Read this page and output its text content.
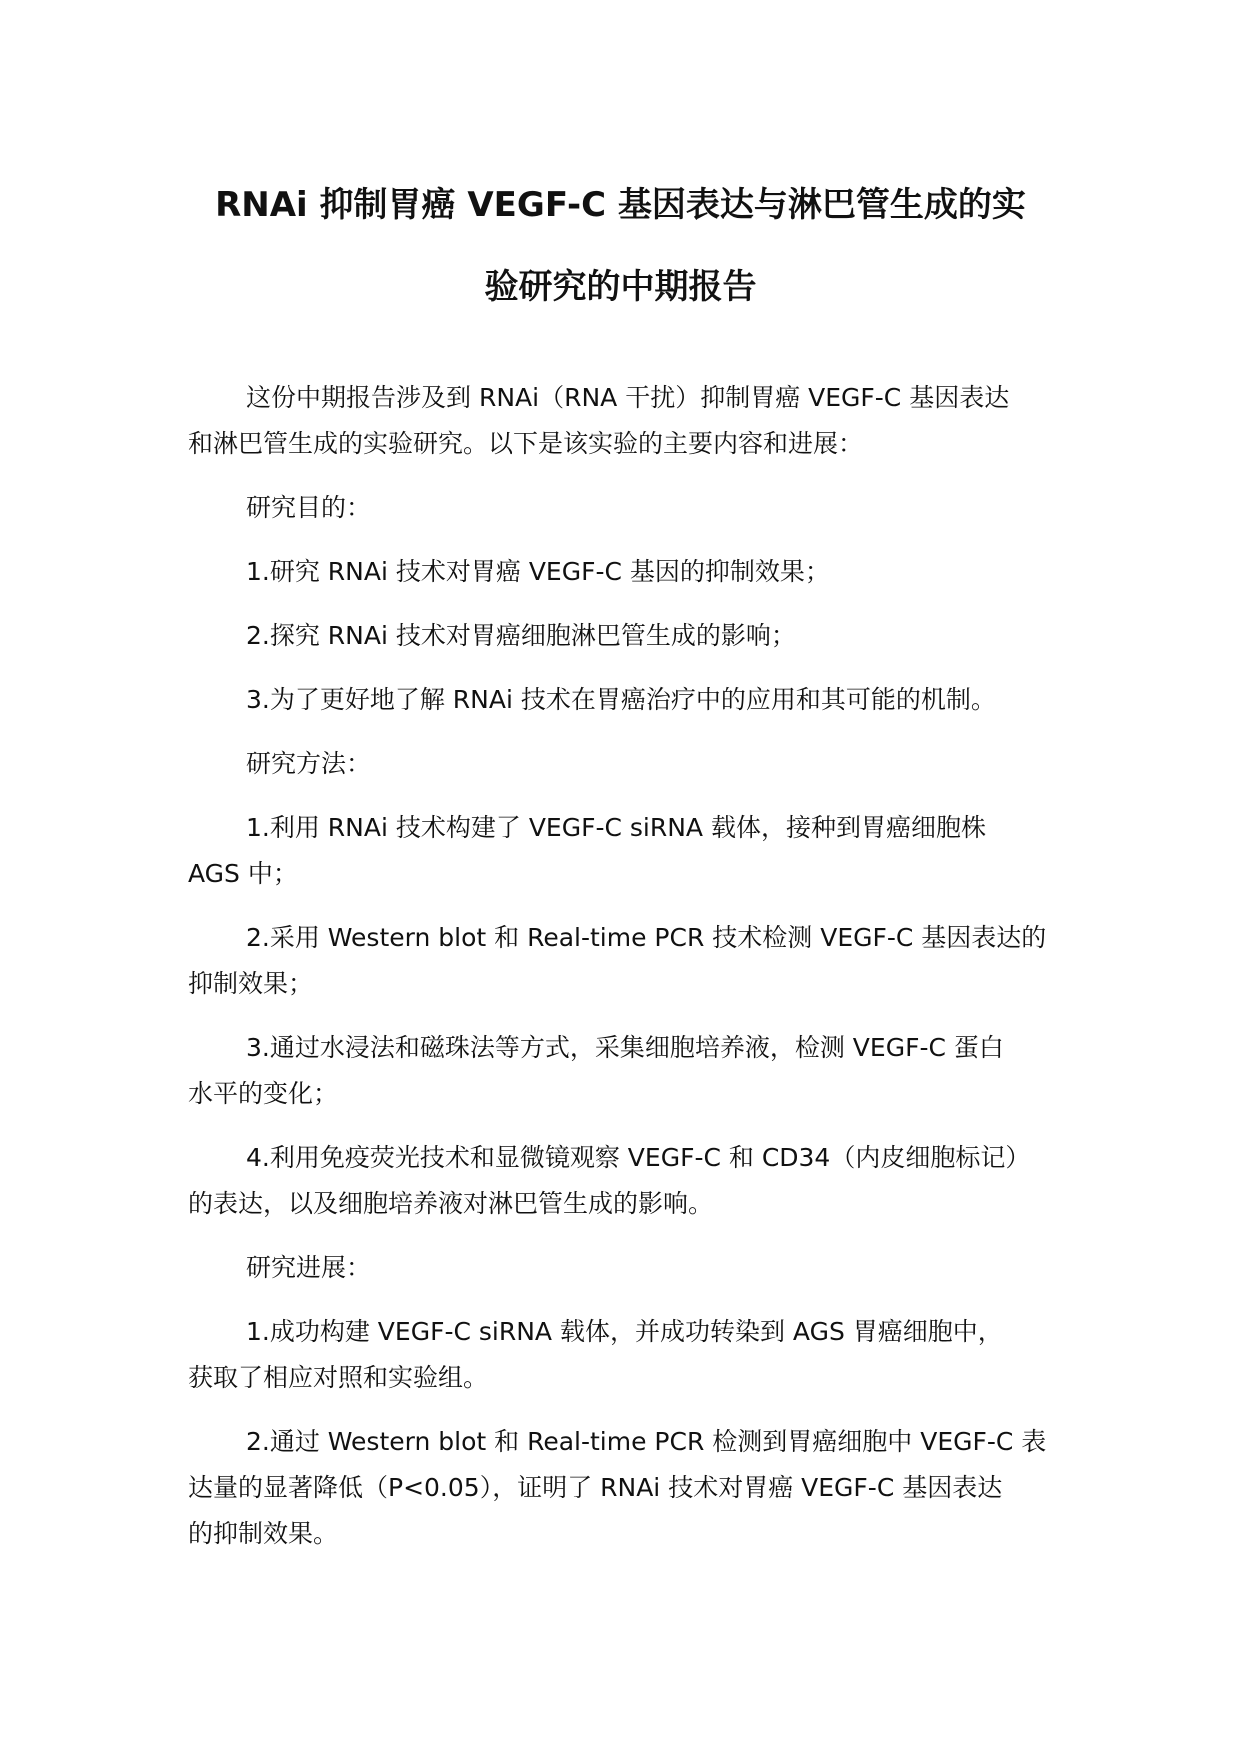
RNAi 抑制胃癌 VEGF-C 基因表达与淋巴管生成的实
验研究的中期报告

这份中期报告涉及到 RNAi（RNA 干扰）抑制胃癌 VEGF-C 基因表达
和淋巴管生成的实验研究。以下是该实验的主要内容和进展：

研究目的：

1.研究 RNAi 技术对胃癌 VEGF-C 基因的抑制效果；

2.探究 RNAi 技术对胃癌细胞淋巴管生成的影响；

3.为了更好地了解 RNAi 技术在胃癌治疗中的应用和其可能的机制。

研究方法：

1.利用 RNAi 技术构建了 VEGF-C siRNA 载体，接种到胃癌细胞株
AGS 中；

2.采用 Western blot 和 Real-time PCR 技术检测 VEGF-C 基因表达的
抑制效果；

3.通过水浸法和磁珠法等方式，采集细胞培养液，检测 VEGF-C 蛋白
水平的变化；

4.利用免疫荧光技术和显微镜观察 VEGF-C 和 CD34（内皮细胞标记）
的表达，以及细胞培养液对淋巴管生成的影响。

研究进展：

1.成功构建 VEGF-C siRNA 载体，并成功转染到 AGS 胃癌细胞中，
获取了相应对照和实验组。

2.通过 Western blot 和 Real-time PCR 检测到胃癌细胞中 VEGF-C 表
达量的显著降低（P<0.05），证明了 RNAi 技术对胃癌 VEGF-C 基因表达
的抑制效果。
